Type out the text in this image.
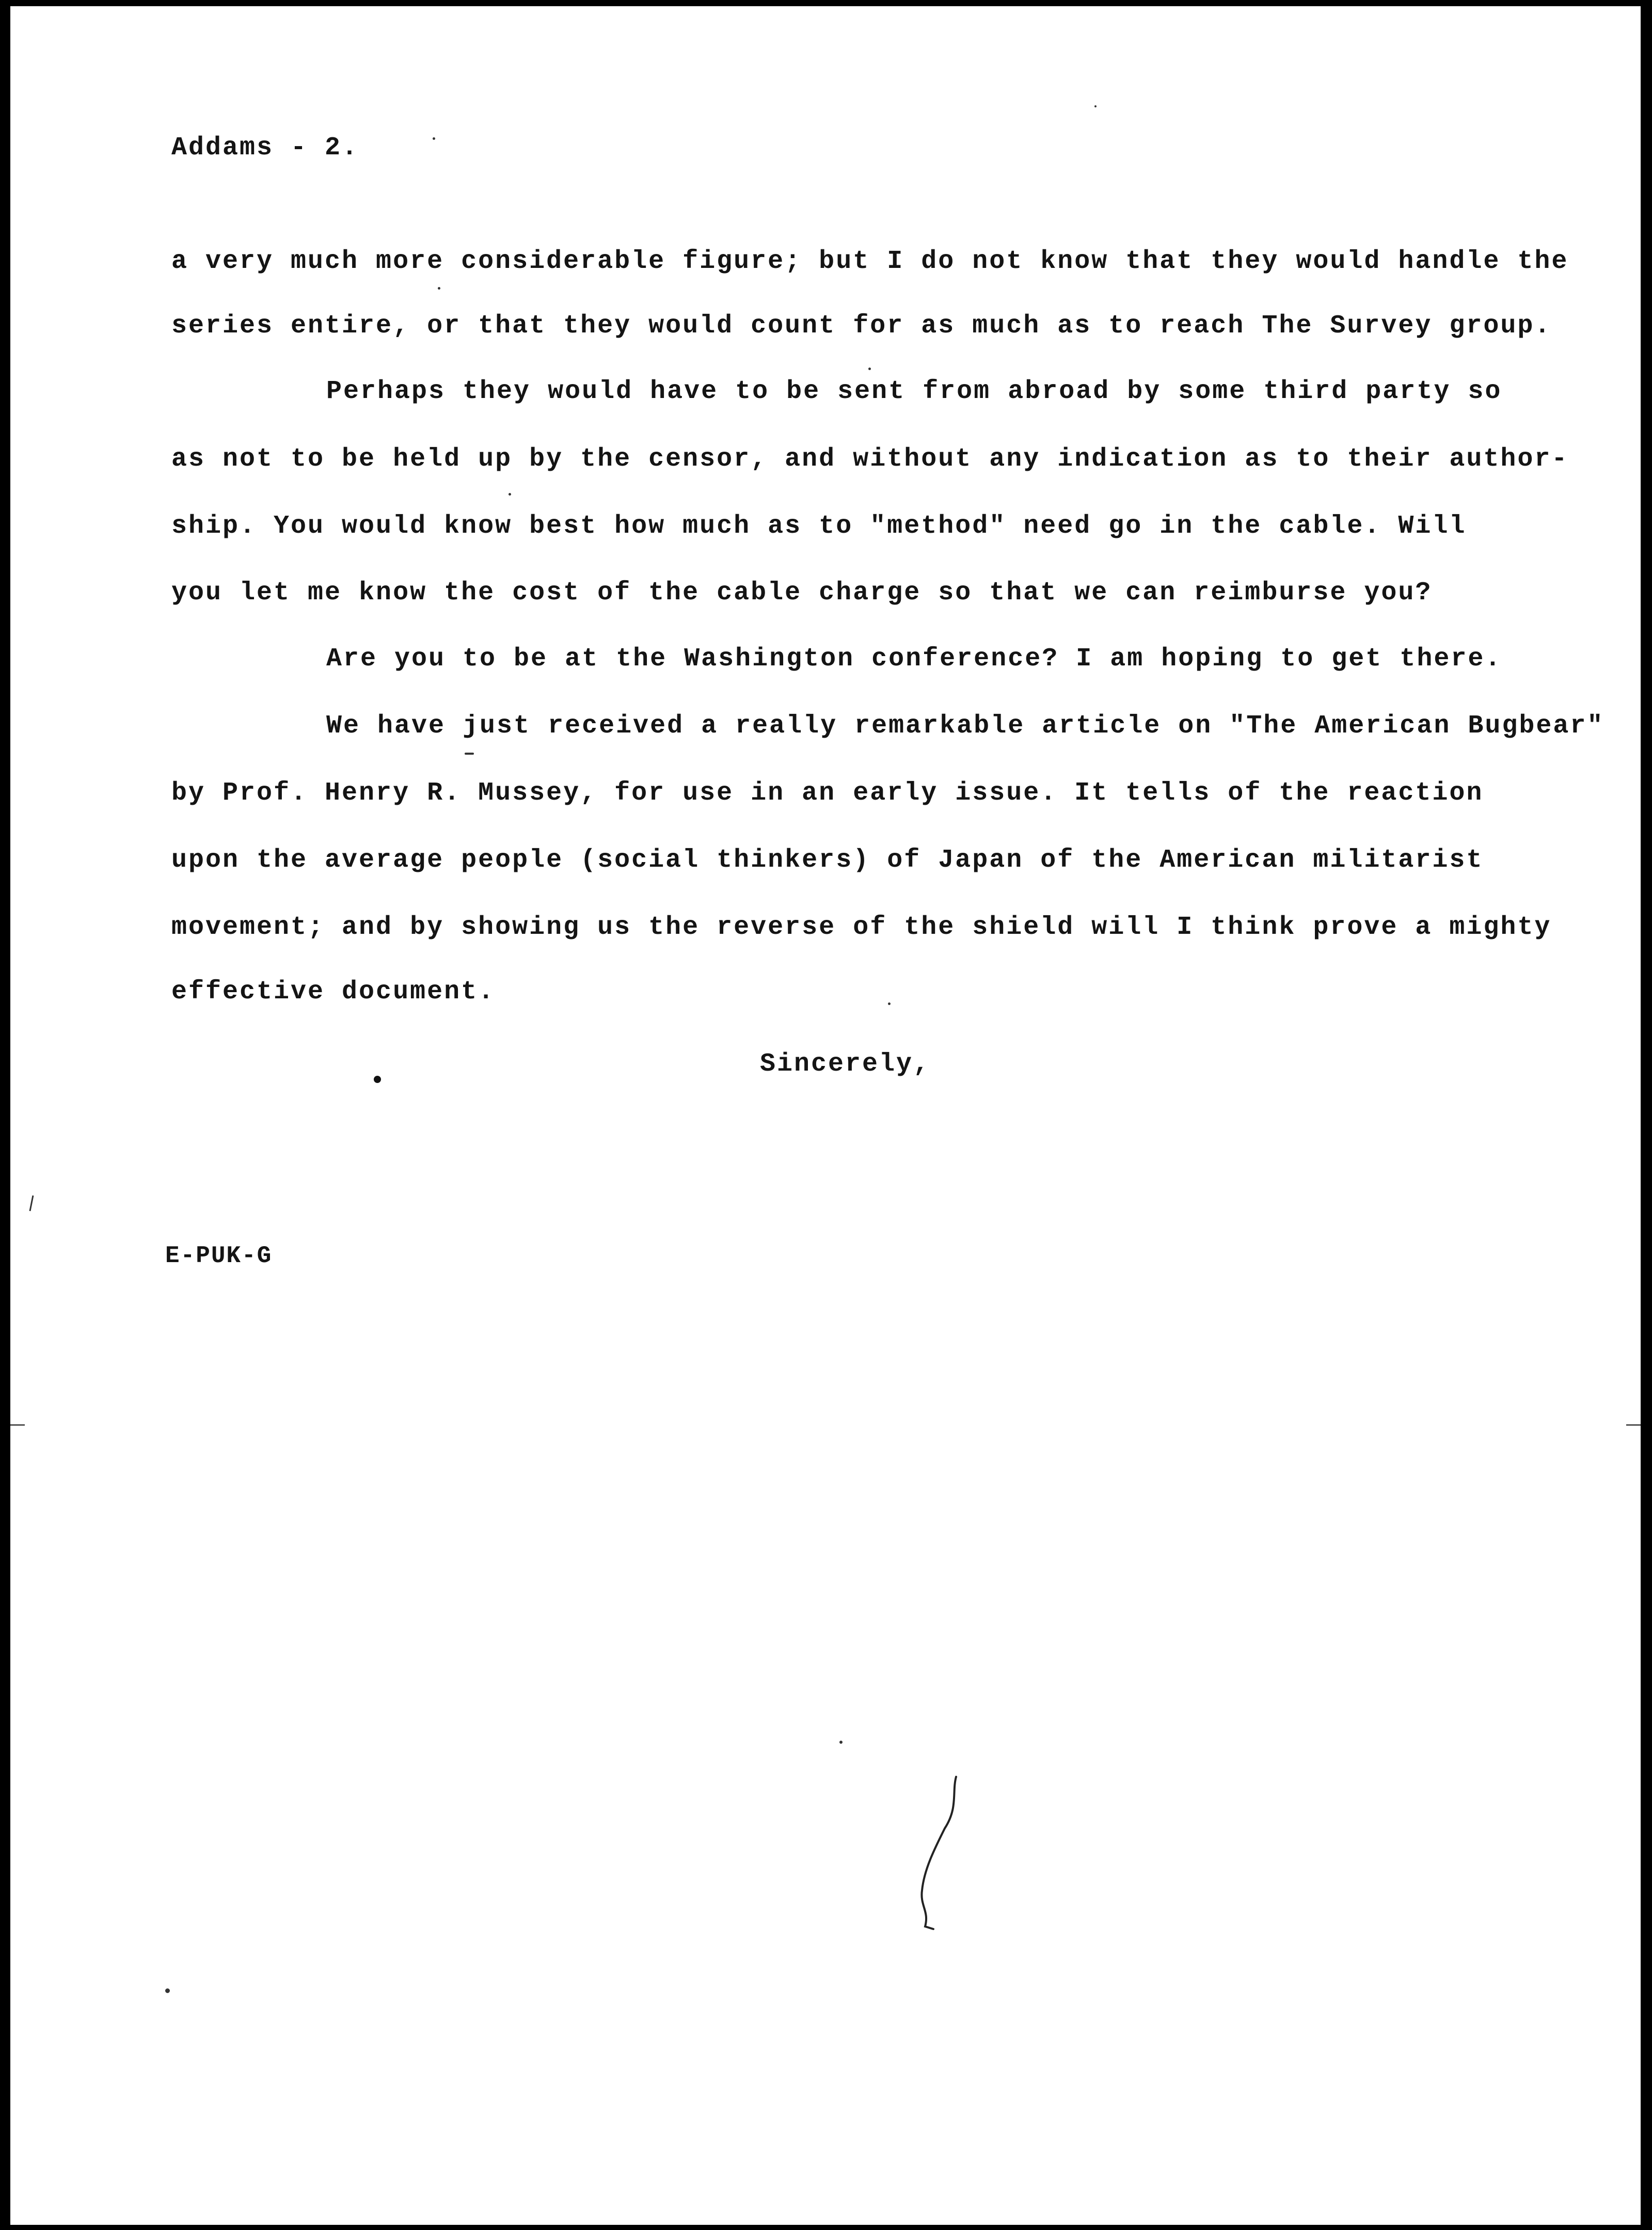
Addams - 2.
a very much more considerable figure; but I do not know that they would handle the
series entire, or that they would count for as much as to reach The Survey group.
Perhaps they would have to be sent from abroad by some third party so
as not to be held up by the censor, and without any indication as to their author-
ship. You would know best how much as to "method" need go in the cable. Will
you let me know the cost of the cable charge so that we can reimburse you?
Are you to be at the Washington conference? I am hoping to get there.
We have just received a really remarkable article on "The American Bugbear"
by Prof. Henry R. Mussey, for use in an early issue. It tells of the reaction
upon the average people (social thinkers) of Japan of the American militarist
movement; and by showing us the reverse of the shield will I think prove a mighty
effective document.
Sincerely,
E-PUK-G
